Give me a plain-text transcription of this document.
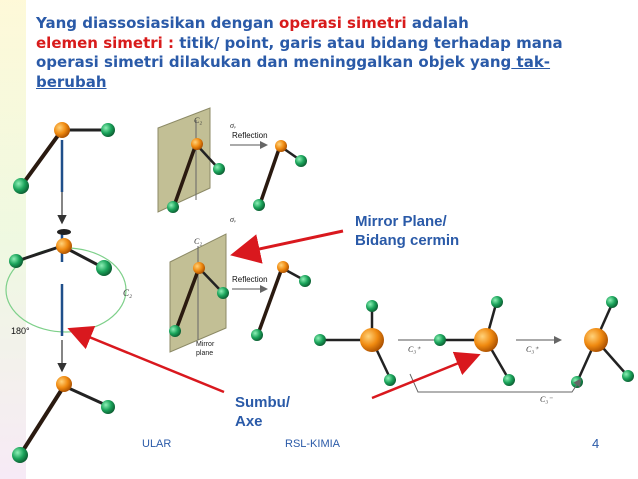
Yang diassosiasikan dengan operasi simetri adalah
elemen simetri : titik/ point, garis atau bidang terhadap mana operasi simetri dilakukan dan meninggalkan objek yang tak-berubah
C₂
180°
C₂
σᵥ
Reflection
C₂
σᵥ
Reflection
Mirror
plane	C₃⁺	C₃⁺
C₃⁻
Mirror Plane/
Bidang cermin
Sumbu/
Axe
ULAR	RSL-KIMIA	4
